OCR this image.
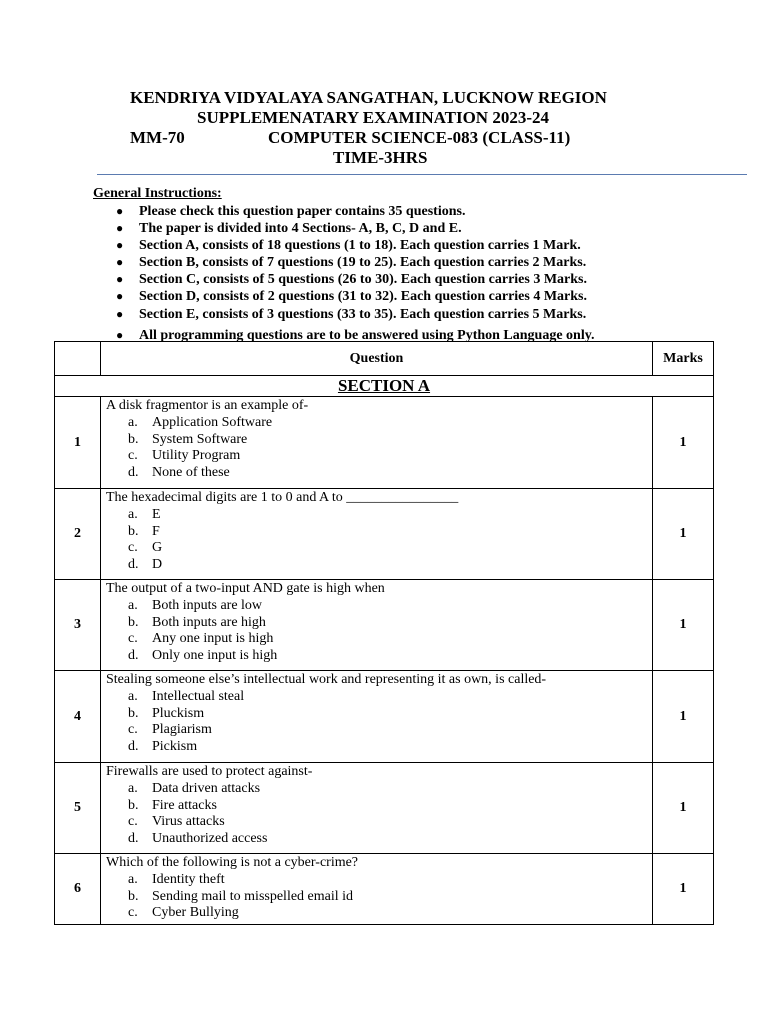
KENDRIYA VIDYALAYA SANGATHAN, LUCKNOW REGION
SUPPLEMENATARY EXAMINATION 2023-24
MM-70	COMPUTER SCIENCE-083 (CLASS-11)
TIME-3HRS
General Instructions:
● Please check this question paper contains 35 questions.
● The paper is divided into 4 Sections- A, B, C, D and E.
● Section A, consists of 18 questions (1 to 18). Each question carries 1 Mark.
● Section B, consists of 7 questions (19 to 25). Each question carries 2 Marks.
● Section C, consists of 5 questions (26 to 30). Each question carries 3 Marks.
● Section D, consists of 2 questions (31 to 32). Each question carries 4 Marks.
● Section E, consists of 3 questions (33 to 35). Each question carries 5 Marks.
● All programming questions are to be answered using Python Language only.
	Question	Marks
SECTION A		
1	A disk fragmentor is an example of-
a. Application Software
b. System Software
c. Utility Program
d. None of these	1
2	The hexadecimal digits are 1 to 0 and A to ________________
a. E
b. F
c. G
d. D	1
3	The output of a two-input AND gate is high when
a. Both inputs are low
b. Both inputs are high
c. Any one input is high
d. Only one input is high	1
4	Stealing someone else’s intellectual work and representing it as own, is called-
a. Intellectual steal
b. Pluckism
c. Plagiarism
d. Pickism	1
5	Firewalls are used to protect against-
a. Data driven attacks
b. Fire attacks
c. Virus attacks
d. Unauthorized access	1
6	Which of the following is not a cyber-crime?
a. Identity theft
b. Sending mail to misspelled email id
c. Cyber Bullying	1
